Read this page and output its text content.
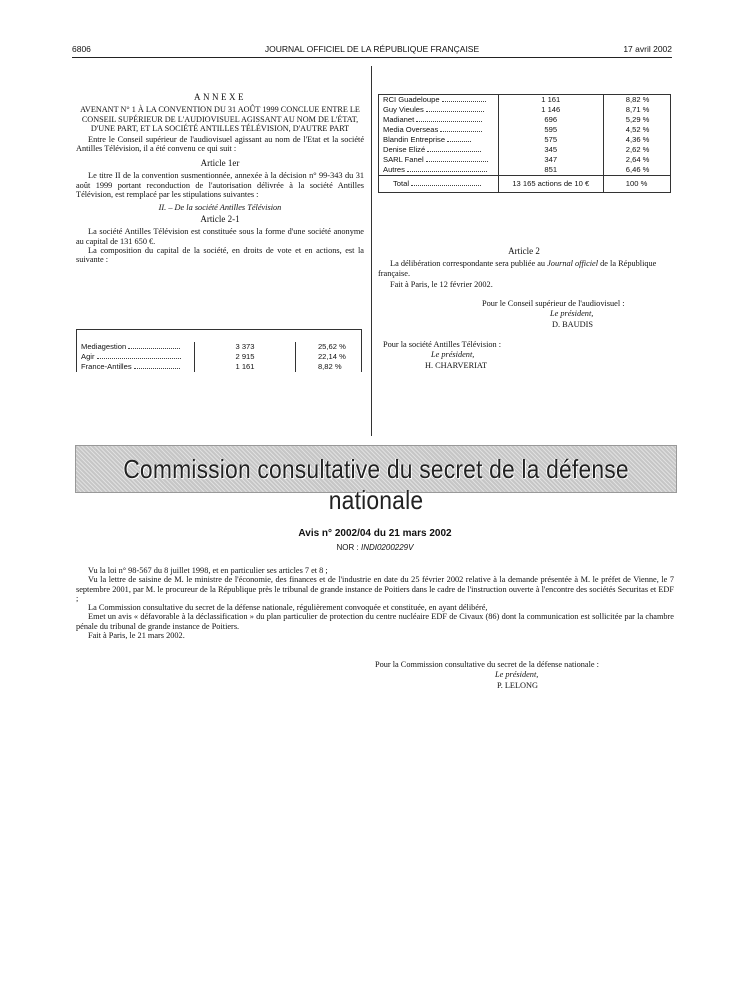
6806	JOURNAL OFFICIEL DE LA RÉPUBLIQUE FRANÇAISE	17 avril 2002
ANNEXE
AVENANT N° 1 À LA CONVENTION DU 31 AOÛT 1999 CONCLUE ENTRE LE CONSEIL SUPÉRIEUR DE L'AUDIOVISUEL AGISSANT AU NOM DE L'ÉTAT, D'UNE PART, ET LA SOCIÉTÉ ANTILLES TÉLÉVISION, D'AUTRE PART

Entre le Conseil supérieur de l'audiovisuel agissant au nom de l'Etat et la société Antilles Télévision, il a été convenu ce qui suit :

Article 1er

Le titre II de la convention susmentionnée, annexée à la décision n° 99-343 du 31 août 1999 portant reconduction de l'autorisation délivrée à la société Antilles Télévision, est remplacé par les stipulations suivantes :

II. – De la société Antilles Télévision
Article 2-1

La société Antilles Télévision est constituée sous la forme d'une société anonyme au capital de 131 650 €.

La composition du capital de la société, en droits de vote et en actions, est la suivante :

Mediagestion	3 373	25,62 %
Agir	2 915	22,14 %
France-Antilles	1 161	8,82 %
RCI Guadeloupe	1 161	8,82 %
Guy Vieules	1 146	8,71 %
Madianet	696	5,29 %
Media Overseas	595	4,52 %
Blandin Entreprise	575	4,36 %
Denise Elizé	345	2,62 %
SARL Fanel	347	2,64 %
Autres	851	6,46 %
Total	13 165 actions de 10 €	100 %
Article 2

La délibération correspondante sera publiée au Journal officiel de la République française.

Fait à Paris, le 12 février 2002.

Pour le Conseil supérieur de l'audiovisuel :
Le président,
D. BAUDIS
Pour la société Antilles Télévision :
Le président,
H. CHARVERIAT
Commission consultative du secret de la défense nationale
Avis n° 2002/04 du 21 mars 2002
NOR : INDI0200229V

Vu la loi n° 98-567 du 8 juillet 1998, et en particulier ses articles 7 et 8 ;

Vu la lettre de saisine de M. le ministre de l'économie, des finances et de l'industrie en date du 25 février 2002 relative à la demande présentée à M. le préfet de Vienne, le 7 septembre 2001, par M. le procureur de la République près le tribunal de grande instance de Poitiers dans le cadre de l'instruction ouverte à l'encontre des sociétés Securitas et EDF ;

La Commission consultative du secret de la défense nationale, régulièrement convoquée et constituée, en ayant délibéré,

Emet un avis « défavorable à la déclassification » du plan particulier de protection du centre nucléaire EDF de Civaux (86) dont la communication est sollicitée par la chambre pénale du tribunal de grande instance de Poitiers.

Fait à Paris, le 21 mars 2002.

Pour la Commission consultative du secret de la défense nationale :
Le président,
P. LELONG
